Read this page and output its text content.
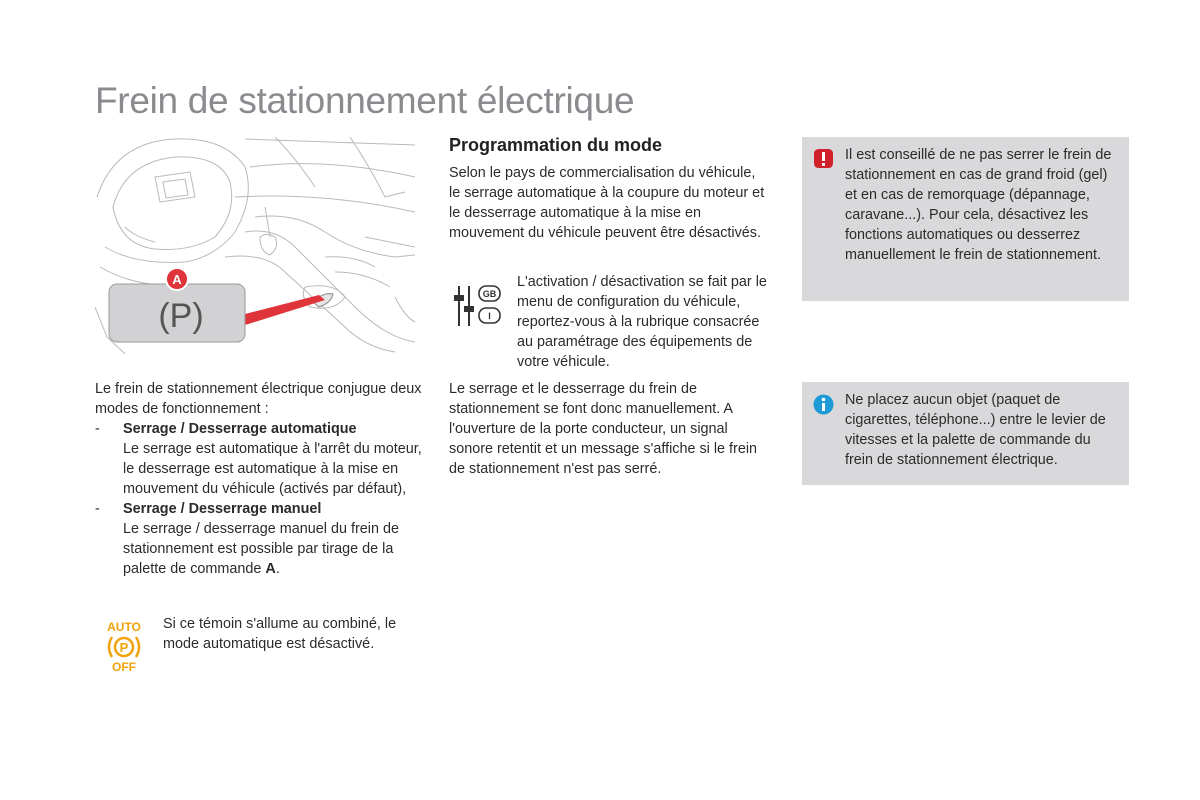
Frein de stationnement électrique
(P)
A
Le frein de stationnement électrique conjugue deux modes de fonctionnement :
- Serrage / Desserrage automatique
Le serrage est automatique à l'arrêt du moteur, le desserrage est automatique à la mise en mouvement du véhicule (activés par défaut),
- Serrage / Desserrage manuel
Le serrage / desserrage manuel du frein de stationnement est possible par tirage de la palette de commande A.
AUTO
P
OFF
Si ce témoin s'allume au combiné, le mode automatique est désactivé.
Programmation du mode
Selon le pays de commercialisation du véhicule, le serrage automatique à la coupure du moteur et le desserrage automatique à la mise en mouvement du véhicule peuvent être désactivés.
GB
I
L'activation / désactivation se fait par le menu de configuration du véhicule, reportez-vous à la rubrique consacrée au paramétrage des équipements de votre véhicule.
Le serrage et le desserrage du frein de stationnement se font donc manuellement. A l'ouverture de la porte conducteur, un signal sonore retentit et un message s'affiche si le frein de stationnement n'est pas serré.
Il est conseillé de ne pas serrer le frein de stationnement en cas de grand froid (gel) et en cas de remorquage (dépannage, caravane...). Pour cela, désactivez les fonctions automatiques ou desserrez manuellement le frein de stationnement.
Ne placez aucun objet (paquet de cigarettes, téléphone...) entre le levier de vitesses et la palette de commande du frein de stationnement électrique.
